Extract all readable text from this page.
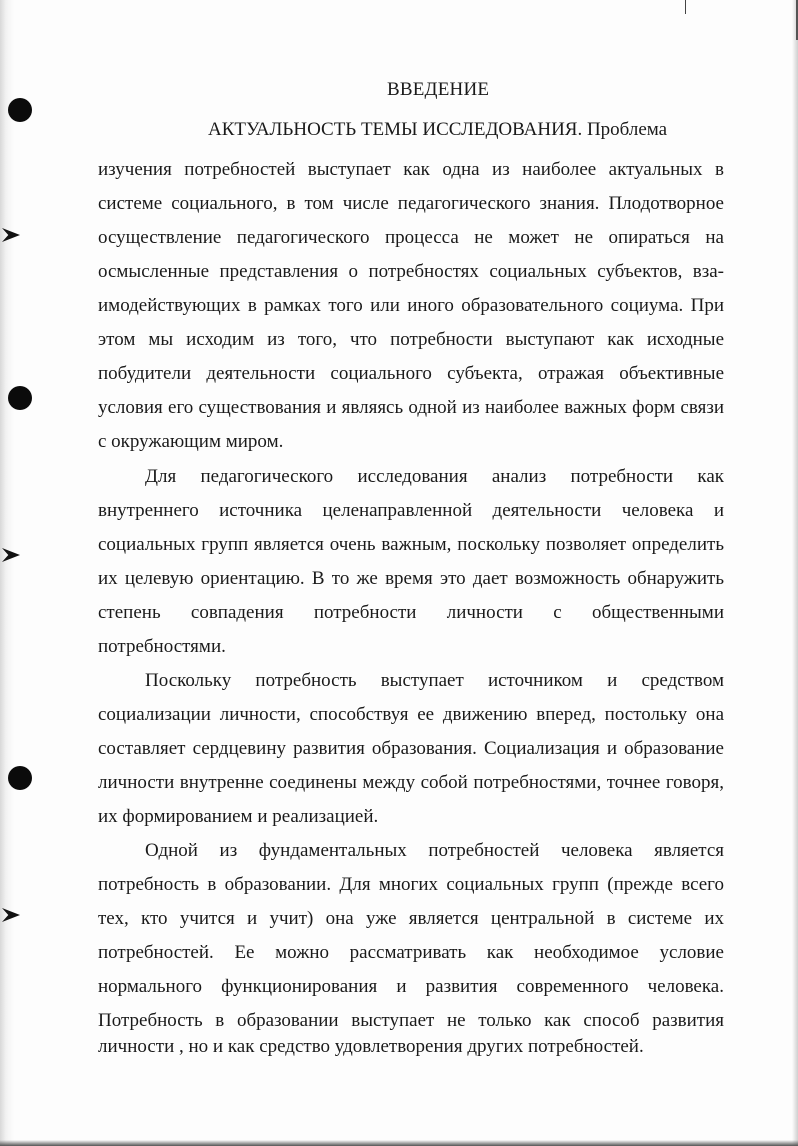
ВВЕДЕНИЕ
АКТУАЛЬНОСТЬ ТЕМЫ ИССЛЕДОВАНИЯ. Проблема
изучения потребностей выступает как одна из наиболее актуальных в
системе социального, в том числе педагогического знания. Плодотворное
осуществление педагогического процесса не может не опираться на
осмысленные представления о потребностях социальных субъектов, вза-
имодействующих в рамках того или иного образовательного социума. При
этом мы исходим из того, что потребности выступают как исходные
побудители деятельности социального субъекта, отражая объективные
условия его существования и являясь одной из наиболее важных форм связи
с окружающим миром.
Для педагогического исследования анализ потребности как
внутреннего источника целенаправленной деятельности человека и
социальных групп является очень важным, поскольку позволяет определить
их целевую ориентацию. В то же время это дает возможность обнаружить
степень совпадения потребности личности с общественными
потребностями.
Поскольку потребность выступает источником и средством
социализации личности, способствуя ее движению вперед, постольку она
составляет сердцевину развития образования. Социализация и образование
личности внутренне соединены между собой потребностями, точнее говоря,
их формированием и реализацией.
Одной из фундаментальных потребностей человека является
потребность в образовании. Для многих социальных групп (прежде всего
тех, кто учится и учит) она уже является центральной в системе их
потребностей. Ее можно рассматривать как необходимое условие
нормального функционирования и развития современного человека.
Потребность в образовании выступает не только как способ развития
личности , но и как средство удовлетворения других потребностей.
